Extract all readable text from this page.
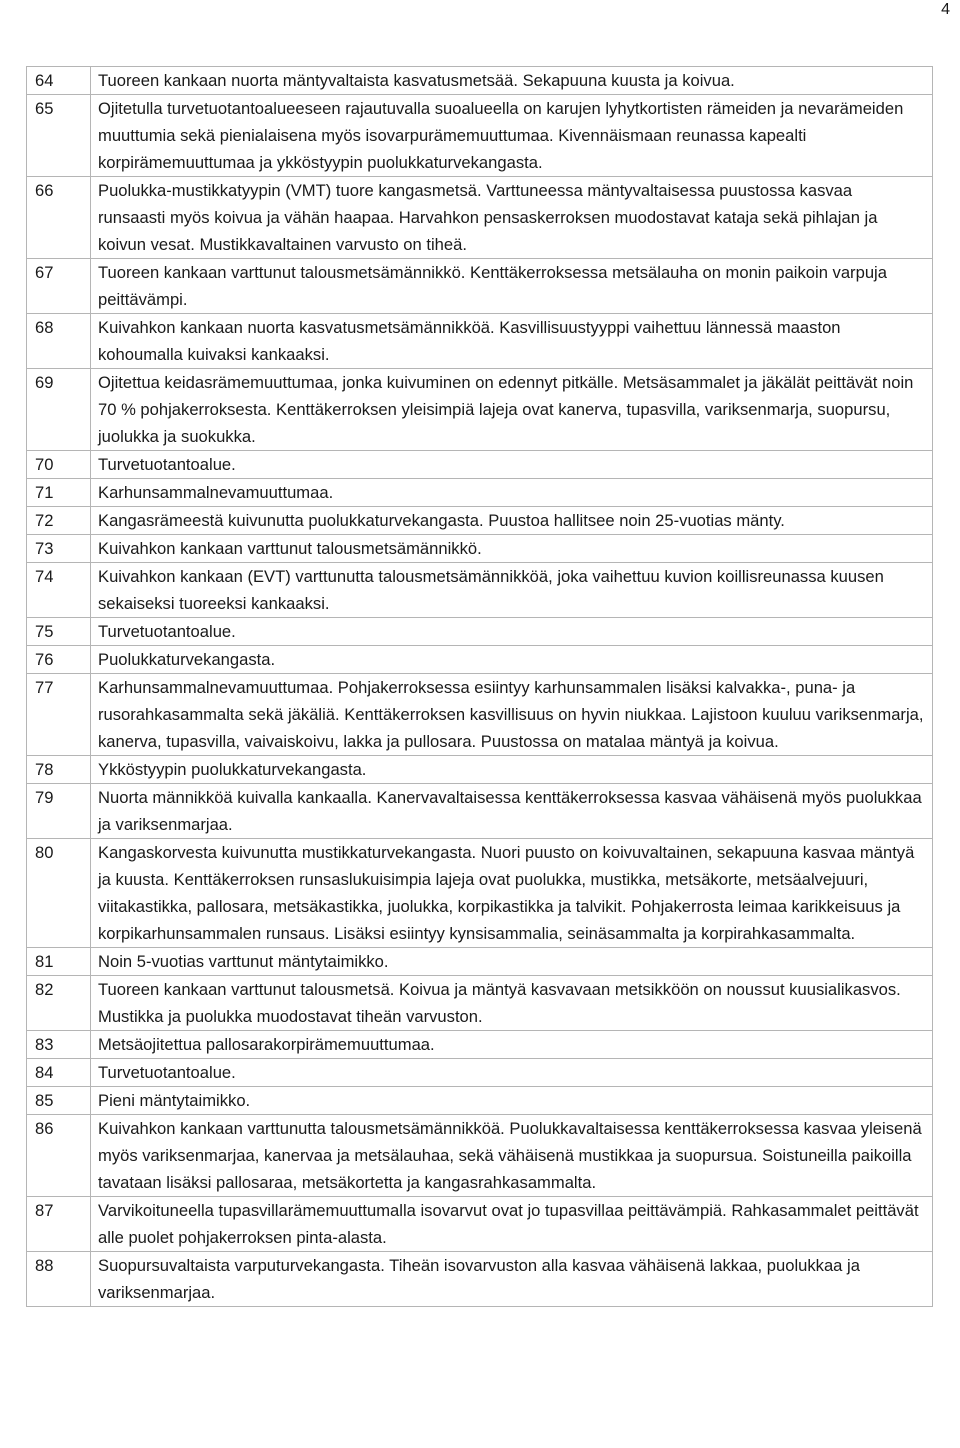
4
64	Tuoreen kankaan nuorta mäntyvaltaista kasvatusmetsää. Sekapuuna kuusta ja koivua.
65	Ojitetulla turvetuotantoalueeseen rajautuvalla suoalueella on karujen lyhytkortisten rämeiden ja nevarämeiden muuttumia sekä pienialaisena myös isovarpurämemuuttumaa. Kivennäismaan reunassa kapealti korpirämemuuttumaa ja ykköstyypin puolukkaturvekangasta.
66	Puolukka-mustikkatyypin (VMT) tuore kangasmetsä. Varttuneessa mäntyvaltaisessa puustossa kasvaa runsaasti myös koivua ja vähän haapaa. Harvahkon pensaskerroksen muodostavat kataja sekä pihlajan ja koivun vesat. Mustikkavaltainen varvusto on tiheä.
67	Tuoreen kankaan varttunut talousmetsämännikkö. Kenttäkerroksessa metsälauha on monin paikoin varpuja peittävämpi.
68	Kuivahkon kankaan nuorta kasvatusmetsämännikköä. Kasvillisuustyyppi vaihettuu lännessä maaston kohoumalla kuivaksi kankaaksi.
69	Ojitettua keidasrämemuuttumaa, jonka kuivuminen on edennyt pitkälle. Metsäsammalet ja jäkälät peittävät noin 70 % pohjakerroksesta. Kenttäkerroksen yleisimpiä lajeja ovat kanerva, tupasvilla, variksenmarja, suopursu, juolukka ja suokukka.
70	Turvetuotantoalue.
71	Karhunsammalnevamuuttumaa.
72	Kangasrämeestä kuivunutta puolukkaturvekangasta. Puustoa hallitsee noin 25-vuotias mänty.
73	Kuivahkon kankaan varttunut talousmetsämännikkö.
74	Kuivahkon kankaan (EVT) varttunutta talousmetsämännikköä, joka vaihettuu kuvion koillisreunassa kuusen sekaiseksi tuoreeksi kankaaksi.
75	Turvetuotantoalue.
76	Puolukkaturvekangasta.
77	Karhunsammalnevamuuttumaa. Pohjakerroksessa esiintyy karhunsammalen lisäksi kalvakka-, puna- ja rusorahkasammalta sekä jäkäliä. Kenttäkerroksen kasvillisuus on hyvin niukkaa. Lajistoon kuuluu variksenmarja, kanerva, tupasvilla, vaivaiskoivu, lakka ja pullosara. Puustossa on matalaa mäntyä ja koivua.
78	Ykköstyypin puolukkaturvekangasta.
79	Nuorta männikköä kuivalla kankaalla. Kanervavaltaisessa kenttäkerroksessa kasvaa vähäisenä myös puolukkaa ja variksenmarjaa.
80	Kangaskorvesta kuivunutta mustikkaturvekangasta. Nuori puusto on koivuvaltainen, sekapuuna kasvaa mäntyä ja kuusta. Kenttäkerroksen runsaslukuisimpia lajeja ovat puolukka, mustikka, metsäkorte, metsäalvejuuri, viitakastikka, pallosara, metsäkastikka, juolukka, korpikastikka ja talvikit. Pohjakerrosta leimaa karikkeisuus ja korpikarhunsammalen runsaus. Lisäksi esiintyy kynsisammalia, seinäsammalta ja korpirahkasammalta.
81	Noin 5-vuotias varttunut mäntytaimikko.
82	Tuoreen kankaan varttunut talousmetsä. Koivua ja mäntyä kasvavaan metsikköön on noussut kuusialikasvos. Mustikka ja puolukka muodostavat tiheän varvuston.
83	Metsäojitettua pallosarakorpirämemuuttumaa.
84	Turvetuotantoalue.
85	Pieni mäntytaimikko.
86	Kuivahkon kankaan varttunutta talousmetsämännikköä. Puolukkavaltaisessa kenttäkerroksessa kasvaa yleisenä myös variksenmarjaa, kanervaa ja metsälauhaa, sekä vähäisenä mustikkaa ja suopursua. Soistuneilla paikoilla tavataan lisäksi pallosaraa, metsäkortetta ja kangasrahkasammalta.
87	Varvikoituneella tupasvillarämemuuttumalla isovarvut ovat jo tupasvillaa peittävämpiä. Rahkasammalet peittävät alle puolet pohjakerroksen pinta-alasta.
88	Suopursuvaltaista varputurvekangasta. Tiheän isovarvuston alla kasvaa vähäisenä lakkaa, puolukkaa ja variksenmarjaa.
